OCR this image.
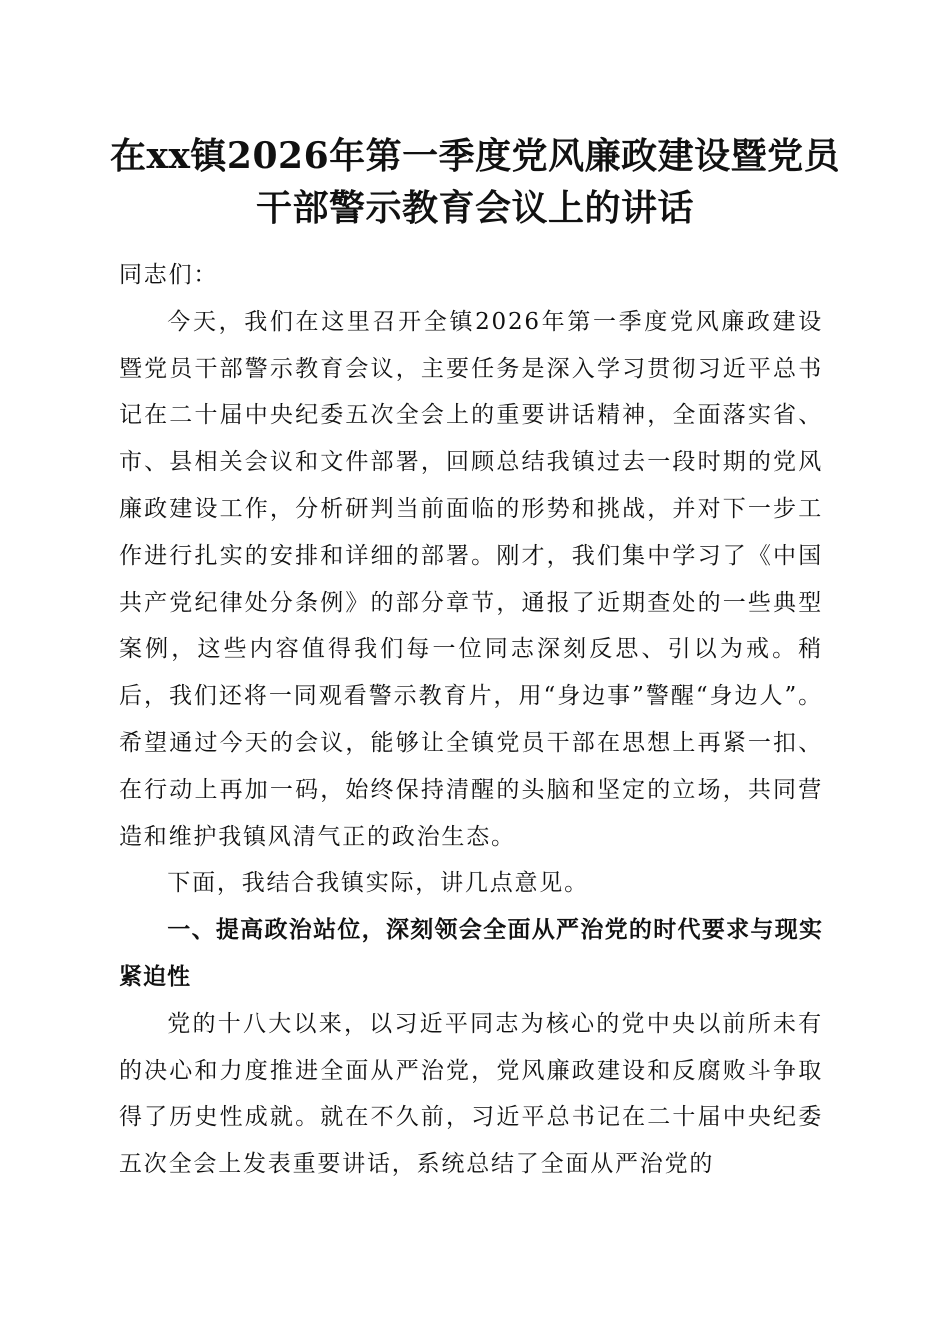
在xx镇2026年第一季度党风廉政建设暨党员
干部警示教育会议上的讲话

同志们：

今天，我们在这里召开全镇2026年第一季度党风廉政建设暨党员干部警示教育会议，主要任务是深入学习贯彻习近平总书记在二十届中央纪委五次全会上的重要讲话精神，全面落实省、市、县相关会议和文件部署，回顾总结我镇过去一段时期的党风廉政建设工作，分析研判当前面临的形势和挑战，并对下一步工作进行扎实的安排和详细的部署。刚才，我们集中学习了《中国共产党纪律处分条例》的部分章节，通报了近期查处的一些典型案例，这些内容值得我们每一位同志深刻反思、引以为戒。稍后，我们还将一同观看警示教育片，用“身边事”警醒“身边人”。希望通过今天的会议，能够让全镇党员干部在思想上再紧一扣、在行动上再加一码，始终保持清醒的头脑和坚定的立场，共同营造和维护我镇风清气正的政治生态。

下面，我结合我镇实际，讲几点意见。

一、提高政治站位，深刻领会全面从严治党的时代要求与现实紧迫性

党的十八大以来，以习近平同志为核心的党中央以前所未有的决心和力度推进全面从严治党，党风廉政建设和反腐败斗争取得了历史性成就。就在不久前，习近平总书记在二十届中央纪委五次全会上发表重要讲话，系统总结了全面从严治党的
